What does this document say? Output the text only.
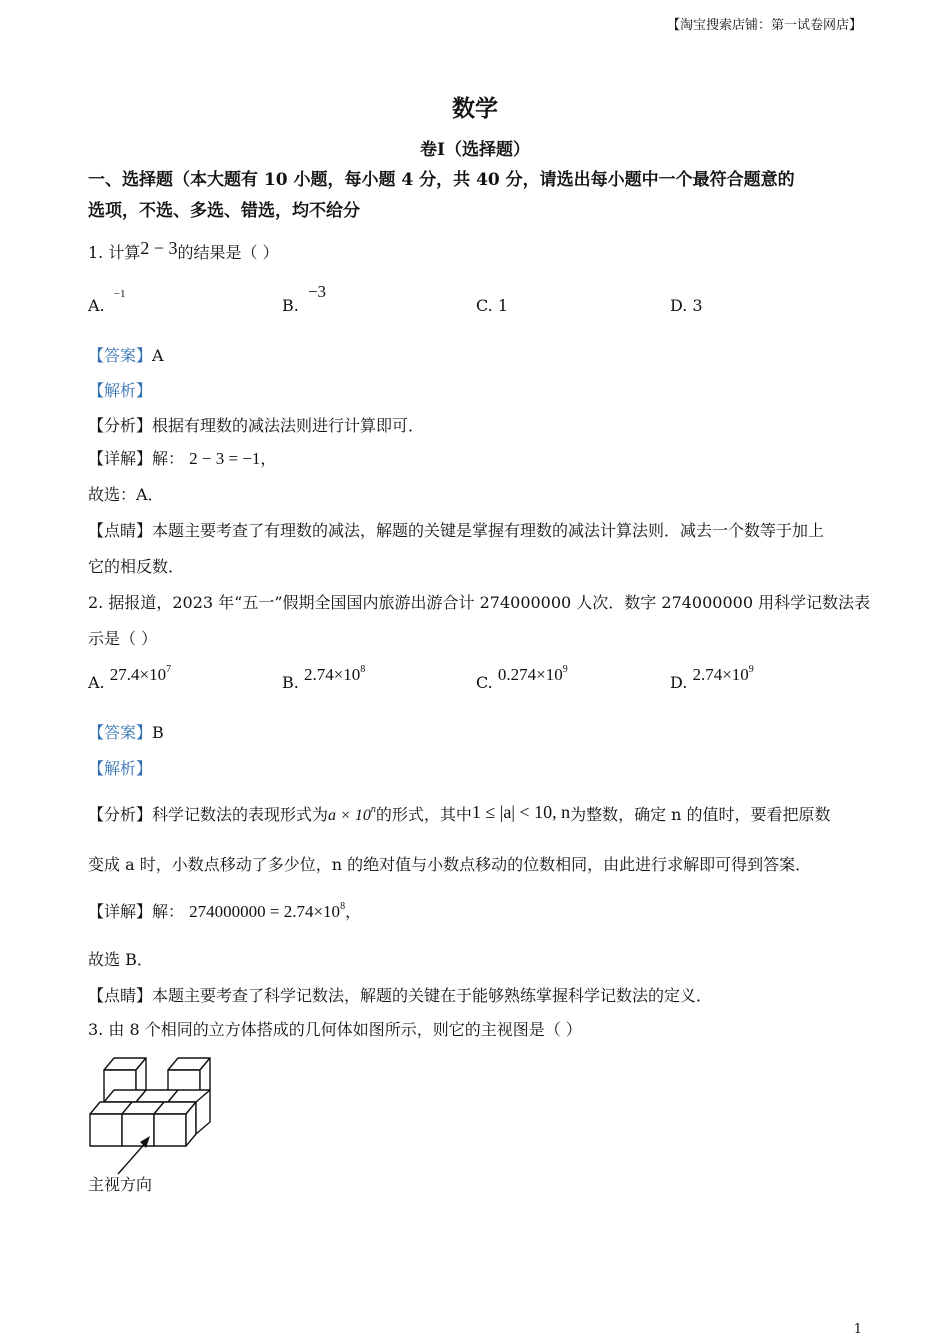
【淘宝搜索店铺：第一试卷网店】
数学
卷Ⅰ（选择题）
一、选择题（本大题有 10 小题，每小题 4 分，共 40 分，请选出每小题中一个最符合题意的
选项，不选、多选、错选，均不给分
1. 计算2 − 3的结果是（ ）
A. $^{-1}$
B. −3
C. 1	D. 3
【答案】A
【解析】
【分析】根据有理数的减法法则进行计算即可．
【详解】解： 2 − 3 = −1，
故选：A．
【点睛】本题主要考查了有理数的减法，解题的关键是掌握有理数的减法计算法则．减去一个数等于加上
它的相反数．
2. 据报道，2023 年“五一”假期全国国内旅游出游合计 274000000 人次．数字 274000000 用科学记数法表
示是（ ）
A. $27.4\times 10^7$
B. $2.74\times 10^8$
C. $0.274\times 10^9$
D. $2.74\times 10^9$
【答案】B
【解析】
【分析】科学记数法的表现形式为$a \times 10^n$的形式，其中1 ≤ |a| < 10, n为整数，确定 n 的值时，要看把原数
变成 a 时，小数点移动了多少位，n 的绝对值与小数点移动的位数相同，由此进行求解即可得到答案．
【详解】解： $274000000 = 2.74\times 10^8$，
故选 B．
【点睛】本题主要考查了科学记数法，解题的关键在于能够熟练掌握科学记数法的定义．
3. 由 8 个相同的立方体搭成的几何体如图所示，则它的主视图是（ ）
主视方向
1
